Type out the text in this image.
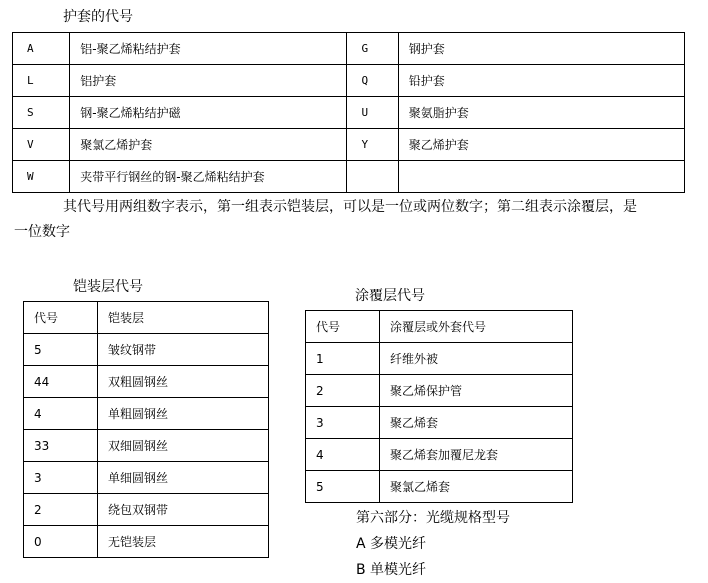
护套的代号
A	铝-聚乙烯粘结护套	G	钢护套
L	铝护套	Q	铅护套
S	钢-聚乙烯粘结护磁	U	聚氨脂护套
V	聚氯乙烯护套	Y	聚乙烯护套
W	夹带平行钢丝的钢-聚乙烯粘结护套		
其代号用两组数字表示，第一组表示铠装层，可以是一位或两位数字；第二组表示涂覆层，是
一位数字
铠装层代号
代号	铠装层
5	皱纹钢带
44	双粗圆钢丝
4	单粗圆钢丝
33	双细圆钢丝
3	单细圆钢丝
2	绕包双钢带
0	无铠装层
涂覆层代号
代号	涂覆层或外套代号
1	纤维外被
2	聚乙烯保护管
3	聚乙烯套
4	聚乙烯套加覆尼龙套
5	聚氯乙烯套
第六部分：光缆规格型号
A 多模光纤
B 单模光纤
